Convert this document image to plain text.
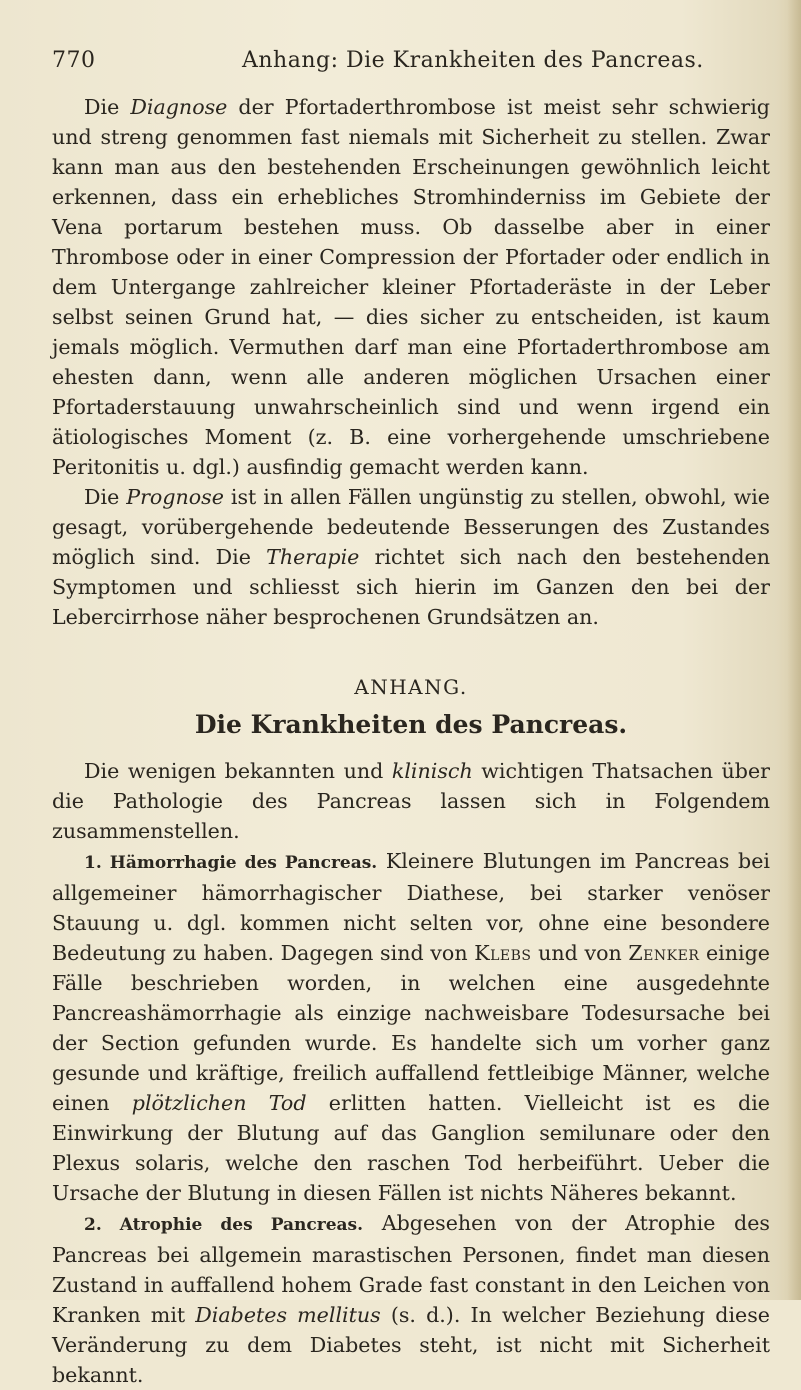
770	Anhang: Die Krankheiten des Pancreas.

Die Diagnose der Pfortaderthrombose ist meist sehr schwierig und streng genommen fast niemals mit Sicherheit zu stellen. Zwar kann man aus den bestehenden Erscheinungen gewöhnlich leicht erkennen, dass ein erhebliches Stromhinderniss im Gebiete der Vena portarum bestehen muss. Ob dasselbe aber in einer Thrombose oder in einer Compression der Pfortader oder endlich in dem Untergange zahlreicher kleiner Pfortaderäste in der Leber selbst seinen Grund hat, — dies sicher zu entscheiden, ist kaum jemals möglich. Vermuthen darf man eine Pfortaderthrombose am ehesten dann, wenn alle anderen möglichen Ursachen einer Pfortaderstauung unwahrscheinlich sind und wenn irgend ein ätiologisches Moment (z. B. eine vorhergehende umschriebene Peritonitis u. dgl.) ausfindig gemacht werden kann.

Die Prognose ist in allen Fällen ungünstig zu stellen, obwohl, wie gesagt, vorübergehende bedeutende Besserungen des Zustandes möglich sind. Die Therapie richtet sich nach den bestehenden Symptomen und schliesst sich hierin im Ganzen den bei der Lebercirrhose näher besprochenen Grundsätzen an.

ANHANG.
Die Krankheiten des Pancreas.

Die wenigen bekannten und klinisch wichtigen Thatsachen über die Pathologie des Pancreas lassen sich in Folgendem zusammenstellen.

1. Hämorrhagie des Pancreas. Kleinere Blutungen im Pancreas bei allgemeiner hämorrhagischer Diathese, bei starker venöser Stauung u. dgl. kommen nicht selten vor, ohne eine besondere Bedeutung zu haben. Dagegen sind von Klebs und von Zenker einige Fälle beschrieben worden, in welchen eine ausgedehnte Pancreashämorrhagie als einzige nachweisbare Todesursache bei der Section gefunden wurde. Es handelte sich um vorher ganz gesunde und kräftige, freilich auffallend fettleibige Männer, welche einen plötzlichen Tod erlitten hatten. Vielleicht ist es die Einwirkung der Blutung auf das Ganglion semilunare oder den Plexus solaris, welche den raschen Tod herbeiführt. Ueber die Ursache der Blutung in diesen Fällen ist nichts Näheres bekannt.

2. Atrophie des Pancreas. Abgesehen von der Atrophie des Pancreas bei allgemein marastischen Personen, findet man diesen Zustand in auffallend hohem Grade fast constant in den Leichen von Kranken mit Diabetes mellitus (s. d.). In welcher Beziehung diese Veränderung zu dem Diabetes steht, ist nicht mit Sicherheit bekannt.
